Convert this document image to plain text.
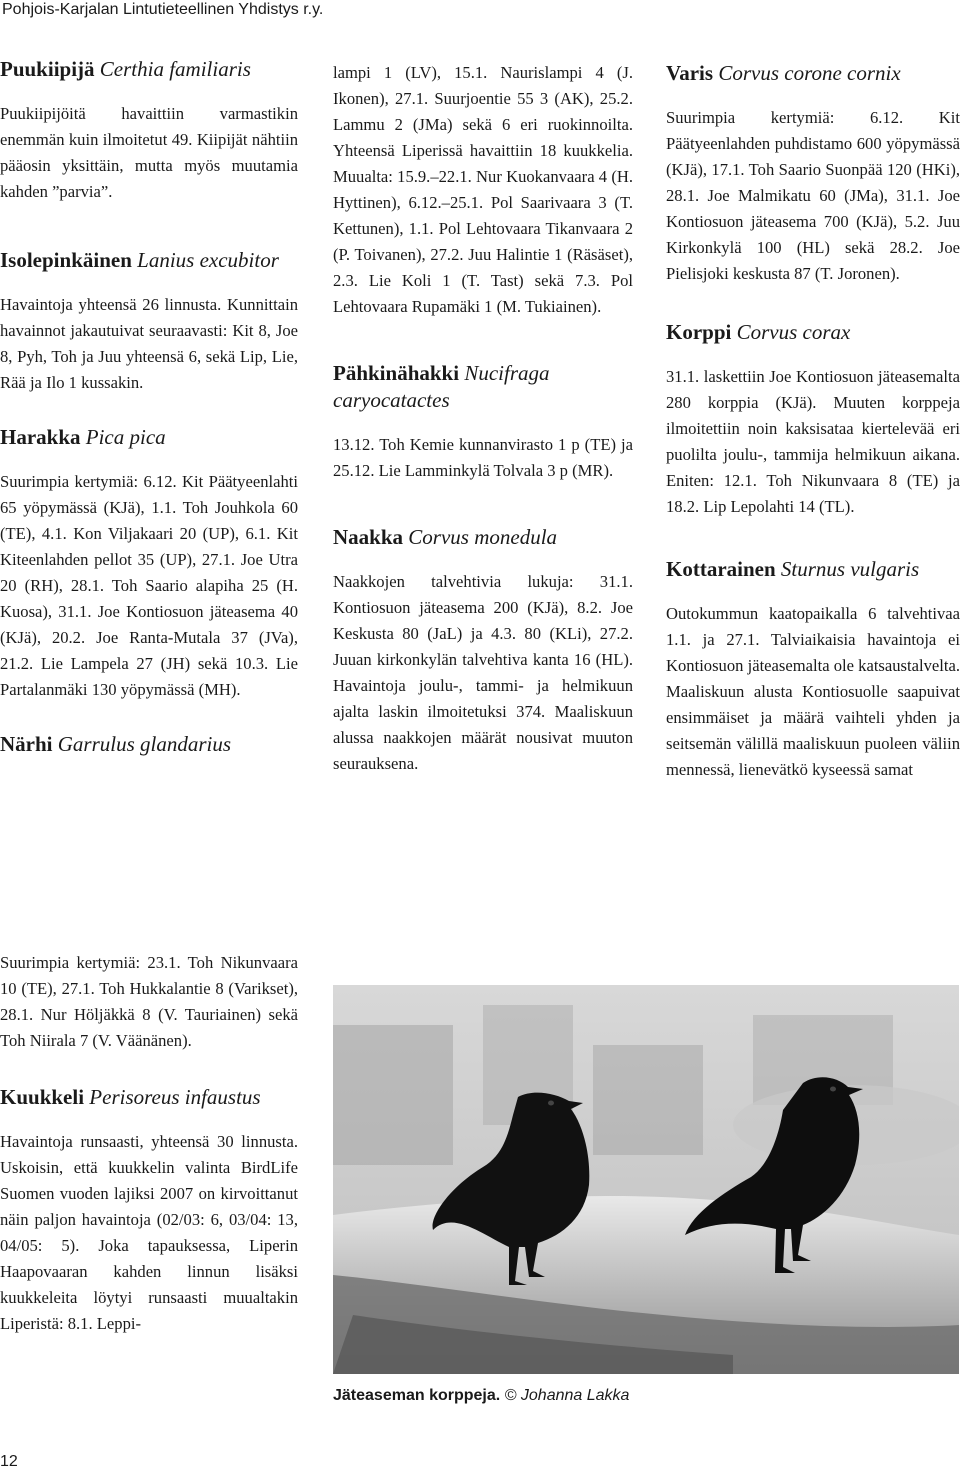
Pohjois-Karjalan Lintutieteellinen Yhdistys r.y.
Puukiipijä Certhia familiaris

Puukiipijöitä havaittiin varmastikin enemmän kuin ilmoitetut 49. Kiipijät nähtiin pääosin yksittäin, mutta myös muutamia kahden ”parvia”.

Isolepinkäinen Lanius excubitor

Havaintoja yhteensä 26 linnusta. Kunnittain havainnot jakautuivat seuraavasti: Kit 8, Joe 8, Pyh, Toh ja Juu yhteensä 6, sekä Lip, Lie, Rää ja Ilo 1 kussakin.

Harakka Pica pica

Suurimpia kertymiä: 6.12. Kit Päätyeenlahti 65 yöpymässä (KJä), 1.1. Toh Jouhkola 60 (TE), 4.1. Kon Viljakaari 20 (UP), 6.1. Kit Kiteenlahden pellot 35 (UP), 27.1. Joe Utra 20 (RH), 28.1. Toh Saario alapiha 25 (H. Kuosa), 31.1. Joe Kontiosuon jäteasema 40 (KJä), 20.2. Joe Ranta-Mutala 37 (JVa), 21.2. Lie Lampela 27 (JH) sekä 10.3. Lie Partalanmäki 130 yöpymässä (MH).

Närhi Garrulus glandarius

Suurimpia kertymiä: 23.1. Toh Nikunvaara 10 (TE), 27.1. Toh Hukkalantie 8 (Varikset), 28.1. Nur Höljäkkä 8 (V. Tauriainen) sekä Toh Niirala 7 (V. Väänänen).

Kuukkeli Perisoreus infaustus

Havaintoja runsaasti, yhteensä 30 linnusta. Uskoisin, että kuukkelin valinta BirdLife Suomen vuoden lajiksi 2007 on kirvoittanut näin paljon havaintoja (02/03: 6, 03/04: 13, 04/05: 5). Joka tapauksessa, Liperin Haapovaaran kahden linnun lisäksi kuukkeleita löytyi runsaasti muualtakin Liperistä: 8.1. Leppi-

lampi 1 (LV), 15.1. Naurislampi 4 (J. Ikonen), 27.1. Suurjoentie 55 3 (AK), 25.2. Lammu 2 (JMa) sekä 6 eri ruokinnoilta. Yhteensä Liperissä havaittiin 18 kuukkelia. Muualta: 15.9.–22.1. Nur Kuokanvaara 4 (H. Hyttinen), 6.12.–25.1. Pol Saarivaara 3 (T. Kettunen), 1.1. Pol Lehtovaara Tikanvaara 2 (P. Toivanen), 27.2. Juu Halintie 1 (Räsäset), 2.3. Lie Koli 1 (T. Tast) sekä 7.3. Pol Lehtovaara Rupamäki 1 (M. Tukiainen).

Pähkinähakki Nucifraga caryocatactes

13.12. Toh Kemie kunnanvirasto 1 p (TE) ja 25.12. Lie Lamminkylä Tolvala 3 p (MR).

Naakka Corvus monedula

Naakkojen talvehtivia lukuja: 31.1. Kontiosuon jäteasema 200 (KJä), 8.2. Joe Keskusta 80 (JaL) ja 4.3. 80 (KLi), 27.2. Juuan kirkonkylän talvehtiva kanta 16 (HL). Havaintoja joulu-, tammi- ja helmikuun ajalta laskin ilmoitetuksi 374. Maaliskuun alussa naakkojen määrät nousivat muuton seurauksena.

Varis Corvus corone cornix

Suurimpia kertymiä: 6.12. Kit Päätyeenlahden puhdistamo 600 yöpymässä (KJä), 17.1. Toh Saario Suonpää 120 (HKi), 28.1. Joe Malmikatu 60 (JMa), 31.1. Joe Kontiosuon jäteasema 700 (KJä), 5.2. Juu Kirkonkylä 100 (HL) sekä 28.2. Joe Pielisjoki keskusta 87 (T. Joronen).

Korppi Corvus corax

31.1. laskettiin Joe Kontiosuon jäteasemalta 280 korppia (KJä). Muuten korppeja ilmoitettiin noin kaksisataa kiertelevää eri puolilta joulu-, tammija helmikuun aikana. Eniten: 12.1. Toh Nikunvaara 8 (TE) ja 18.2. Lip Lepolahti 14 (TL).

Kottarainen Sturnus vulgaris

Outokummun kaatopaikalla 6 talvehtivaa 1.1. ja 27.1. Talviaikaisia havaintoja ei Kontiosuon jäteasemalta ole katsaustalvelta. Maaliskuun alusta Kontiosuolle saapuivat ensimmäiset ja määrä vaihteli yhden ja seitsemän välillä maaliskuun puoleen väliin mennessä, lienevätkö kyseessä samat

Jäteaseman korppeja. © Johanna Lakka
12
